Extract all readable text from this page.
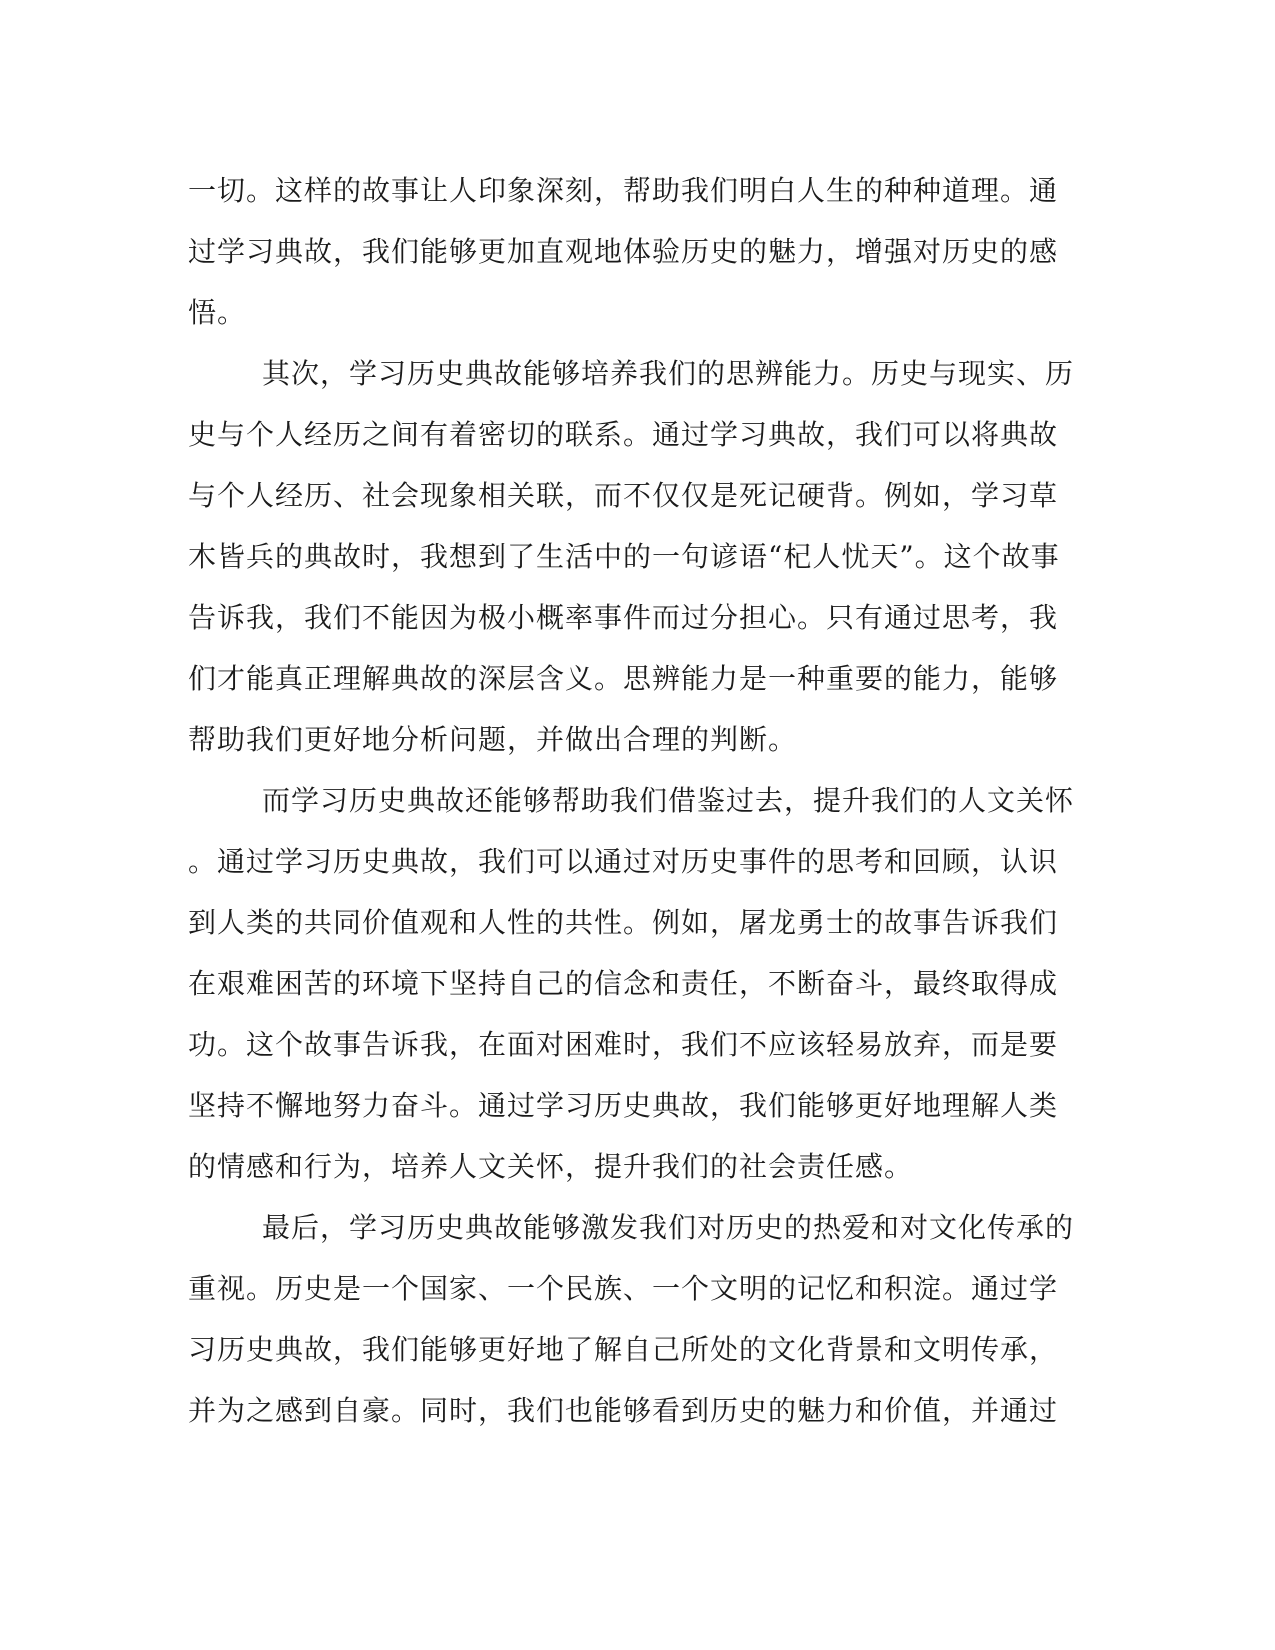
一切。这样的故事让人印象深刻，帮助我们明白人生的种种道理。通
过学习典故，我们能够更加直观地体验历史的魅力，增强对历史的感
悟。
其次，学习历史典故能够培养我们的思辨能力。历史与现实、历
史与个人经历之间有着密切的联系。通过学习典故，我们可以将典故
与个人经历、社会现象相关联，而不仅仅是死记硬背。例如，学习草
木皆兵的典故时，我想到了生活中的一句谚语“杞人忧天”。这个故事
告诉我，我们不能因为极小概率事件而过分担心。只有通过思考，我
们才能真正理解典故的深层含义。思辨能力是一种重要的能力，能够
帮助我们更好地分析问题，并做出合理的判断。
而学习历史典故还能够帮助我们借鉴过去，提升我们的人文关怀
。通过学习历史典故，我们可以通过对历史事件的思考和回顾，认识
到人类的共同价值观和人性的共性。例如，屠龙勇士的故事告诉我们
在艰难困苦的环境下坚持自己的信念和责任，不断奋斗，最终取得成
功。这个故事告诉我，在面对困难时，我们不应该轻易放弃，而是要
坚持不懈地努力奋斗。通过学习历史典故，我们能够更好地理解人类
的情感和行为，培养人文关怀，提升我们的社会责任感。
最后，学习历史典故能够激发我们对历史的热爱和对文化传承的
重视。历史是一个国家、一个民族、一个文明的记忆和积淀。通过学
习历史典故，我们能够更好地了解自己所处的文化背景和文明传承，
并为之感到自豪。同时，我们也能够看到历史的魅力和价值，并通过
